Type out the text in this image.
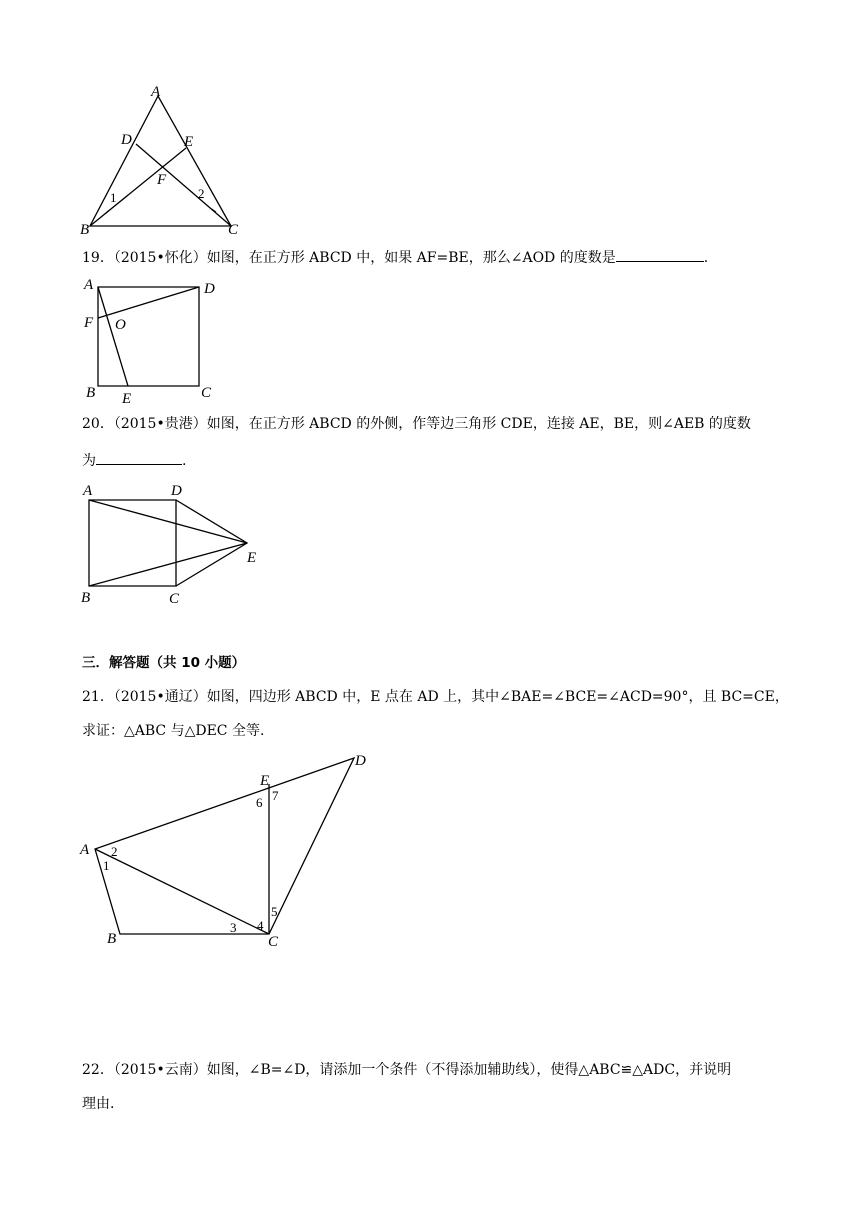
A
D	E
F
1	2
B	C
19．（2015•怀化）如图，在正方形 ABCD 中，如果 AF=BE，那么∠AOD 的度数是	.
A	D
F O
B E	C
20．（2015•贵港）如图，在正方形 ABCD 的外侧，作等边三角形 CDE，连接 AE，BE，则∠AEB 的度数
为	.
A	D
E
B	C
三．解答题（共 10 小题）
21．（2015•通辽）如图，四边形 ABCD 中，E 点在 AD 上，其中∠BAE=∠BCE=∠ACD=90°，且 BC=CE，
求证：△ABC 与△DEC 全等.
A
B	C
D
E
1
2
3 4
5
6 7
22．（2015•云南）如图，∠B=∠D，请添加一个条件（不得添加辅助线），使得△ABC≌△ADC，并说明
理由.
